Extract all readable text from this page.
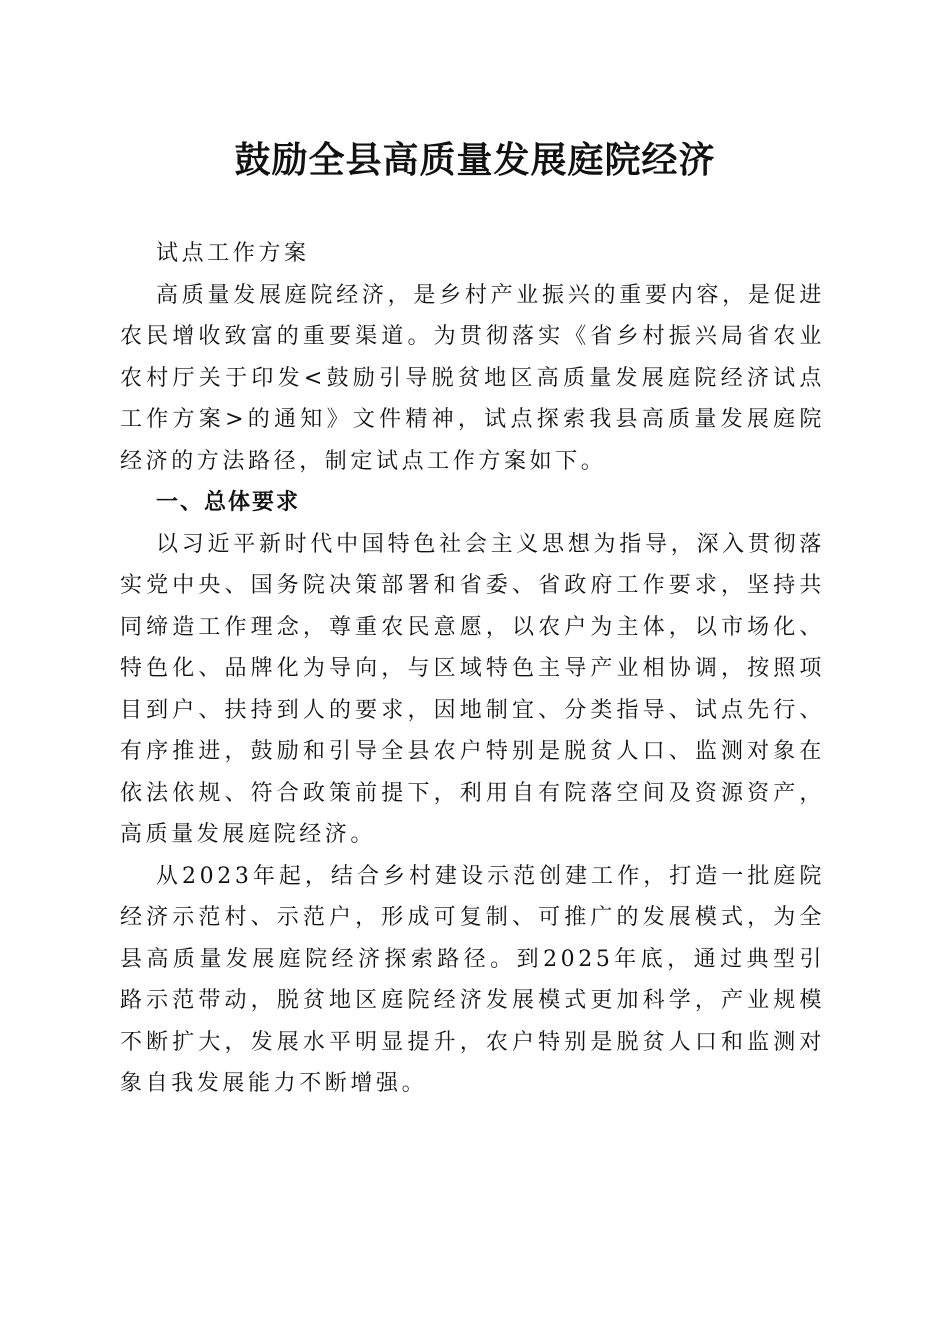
鼓励全县高质量发展庭院经济

试点工作方案

高质量发展庭院经济，是乡村产业振兴的重要内容，是促进农民增收致富的重要渠道。为贯彻落实《省乡村振兴局省农业农村厅关于印发<鼓励引导脱贫地区高质量发展庭院经济试点工作方案>的通知》文件精神，试点探索我县高质量发展庭院经济的方法路径，制定试点工作方案如下。

一、总体要求

以习近平新时代中国特色社会主义思想为指导，深入贯彻落实党中央、国务院决策部署和省委、省政府工作要求，坚持共同缔造工作理念，尊重农民意愿，以农户为主体，以市场化、特色化、品牌化为导向，与区域特色主导产业相协调，按照项目到户、扶持到人的要求，因地制宜、分类指导、试点先行、有序推进，鼓励和引导全县农户特别是脱贫人口、监测对象在依法依规、符合政策前提下，利用自有院落空间及资源资产，高质量发展庭院经济。

从2023年起，结合乡村建设示范创建工作，打造一批庭院经济示范村、示范户，形成可复制、可推广的发展模式，为全县高质量发展庭院经济探索路径。到2025年底，通过典型引路示范带动，脱贫地区庭院经济发展模式更加科学，产业规模不断扩大，发展水平明显提升，农户特别是脱贫人口和监测对象自我发展能力不断增强。
